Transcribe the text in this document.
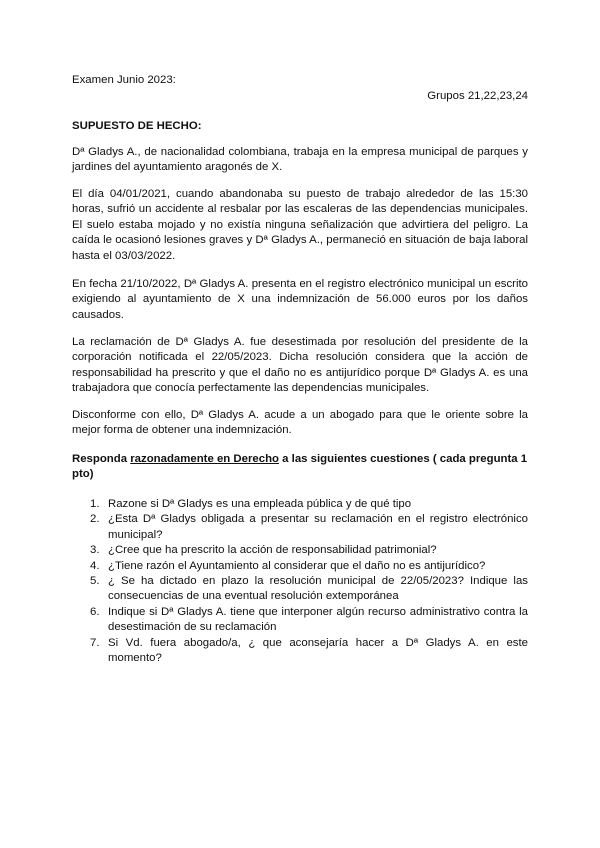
Examen Junio 2023:
Grupos 21,22,23,24
SUPUESTO DE HECHO:
Dª Gladys A., de nacionalidad colombiana, trabaja en la empresa municipal de parques y jardines del ayuntamiento aragonés de X.
El día 04/01/2021, cuando abandonaba su puesto de trabajo alrededor de las 15:30 horas, sufrió un accidente al resbalar por las escaleras de las dependencias municipales. El suelo estaba mojado y no existía ninguna señalización que advirtiera del peligro. La caída le ocasionó lesiones graves y Dª Gladys A., permaneció en situación de baja laboral hasta el 03/03/2022.
En fecha 21/10/2022, Dª Gladys A. presenta en el registro electrónico municipal un escrito exigiendo al ayuntamiento de X una indemnización de 56.000 euros por los daños causados.
La reclamación de Dª Gladys A. fue desestimada por resolución del presidente de la corporación notificada el 22/05/2023. Dicha resolución considera que la acción de responsabilidad ha prescrito y que el daño no es antijurídico porque Dª Gladys A. es una trabajadora que conocía perfectamente las dependencias municipales.
Disconforme con ello, Dª Gladys A. acude a un abogado para que le oriente sobre la mejor forma de obtener una indemnización.
Responda razonadamente en Derecho a las siguientes cuestiones ( cada pregunta 1 pto)
1. Razone si Dª Gladys es una empleada pública y de qué tipo
2. ¿Esta Dª Gladys obligada a presentar su reclamación en el registro electrónico municipal?
3. ¿Cree que ha prescrito la acción de responsabilidad patrimonial?
4. ¿Tiene razón el Ayuntamiento al considerar que el daño no es antijurídico?
5. ¿ Se ha dictado en plazo la resolución municipal de 22/05/2023? Indique las consecuencias de una eventual resolución extemporánea
6. Indique si Dª Gladys A. tiene que interponer algún recurso administrativo contra la desestimación de su reclamación
7. Si Vd. fuera abogado/a, ¿ que aconsejaría hacer a Dª Gladys A. en este momento?
